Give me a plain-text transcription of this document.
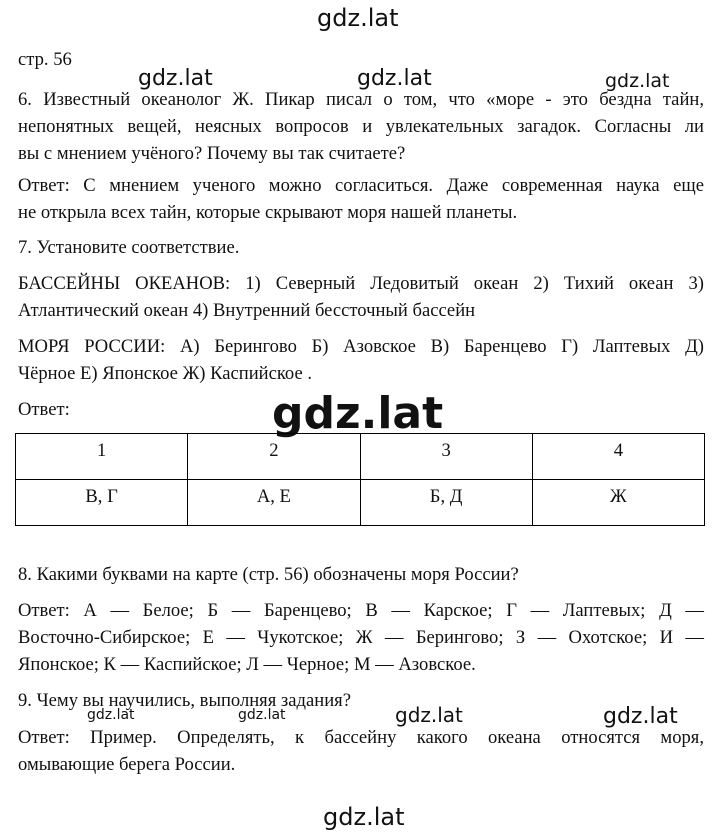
gdz.lat
gdz.lat	gdz.lat	gdz.lat
gdz.lat
gdz.lat	gdz.lat	gdz.lat	gdz.lat
gdz.lat

стр. 56

6. Известный океанолог Ж. Пикар писал о том, что «море - это бездна тайн,
непонятных вещей, неясных вопросов и увлекательных загадок. Согласны ли
вы с мнением учёного? Почему вы так считаете?

Ответ: С мнением ученого можно согласиться. Даже современная наука еще
не открыла всех тайн, которые скрывают моря нашей планеты.

7. Установите соответствие.

БАССЕЙНЫ ОКЕАНОВ: 1) Северный Ледовитый океан 2) Тихий океан 3)
Атлантический океан 4) Внутренний бессточный бассейн

МОРЯ РОССИИ: А) Берингово Б) Азовское В) Баренцево Г) Лаптевых Д)
Чёрное Е) Японское Ж) Каспийское .

Ответ:

1	2	3	4
В, Г	А, Е	Б, Д	Ж

8. Какими буквами на карте (стр. 56) обозначены моря России?

Ответ: А — Белое; Б — Баренцево; В — Карское; Г — Лаптевых; Д —
Восточно-Сибирское; Е — Чукотское; Ж — Берингово; З — Охотское; И —
Японское; К — Каспийское; Л — Черное; М — Азовское.

9. Чему вы научились, выполняя задания?

Ответ: Пример. Определять, к бассейну какого океана относятся моря,
омывающие берега России.
